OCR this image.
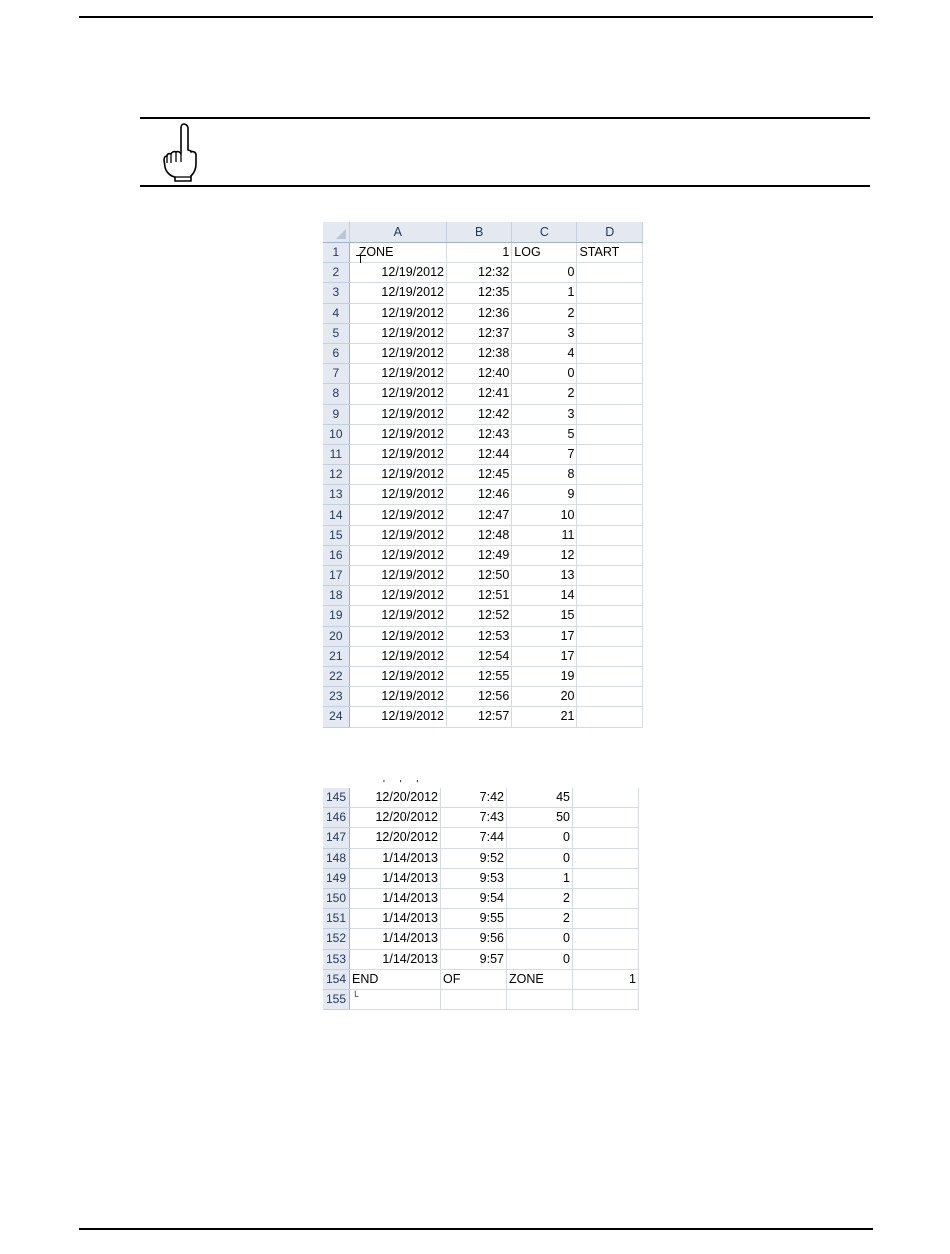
	A	B	C	D
1	ZONE	1	LOG	START
2	12/19/2012	12:32	0	
3	12/19/2012	12:35	1	
4	12/19/2012	12:36	2	
5	12/19/2012	12:37	3	
6	12/19/2012	12:38	4	
7	12/19/2012	12:40	0	
8	12/19/2012	12:41	2	
9	12/19/2012	12:42	3	
10	12/19/2012	12:43	5	
11	12/19/2012	12:44	7	
12	12/19/2012	12:45	8	
13	12/19/2012	12:46	9	
14	12/19/2012	12:47	10	
15	12/19/2012	12:48	11	
16	12/19/2012	12:49	12	
17	12/19/2012	12:50	13	
18	12/19/2012	12:51	14	
19	12/19/2012	12:52	15	
20	12/19/2012	12:53	17	
21	12/19/2012	12:54	17	
22	12/19/2012	12:55	19	
23	12/19/2012	12:56	20	
24	12/19/2012	12:57	21	
' ' '
145	12/20/2012	7:42	45	
146	12/20/2012	7:43	50	
147	12/20/2012	7:44	0	
148	1/14/2013	9:52	0	
149	1/14/2013	9:53	1	
150	1/14/2013	9:54	2	
151	1/14/2013	9:55	2	
152	1/14/2013	9:56	0	
153	1/14/2013	9:57	0	
154	END	OF	ZONE	1
155	└			
